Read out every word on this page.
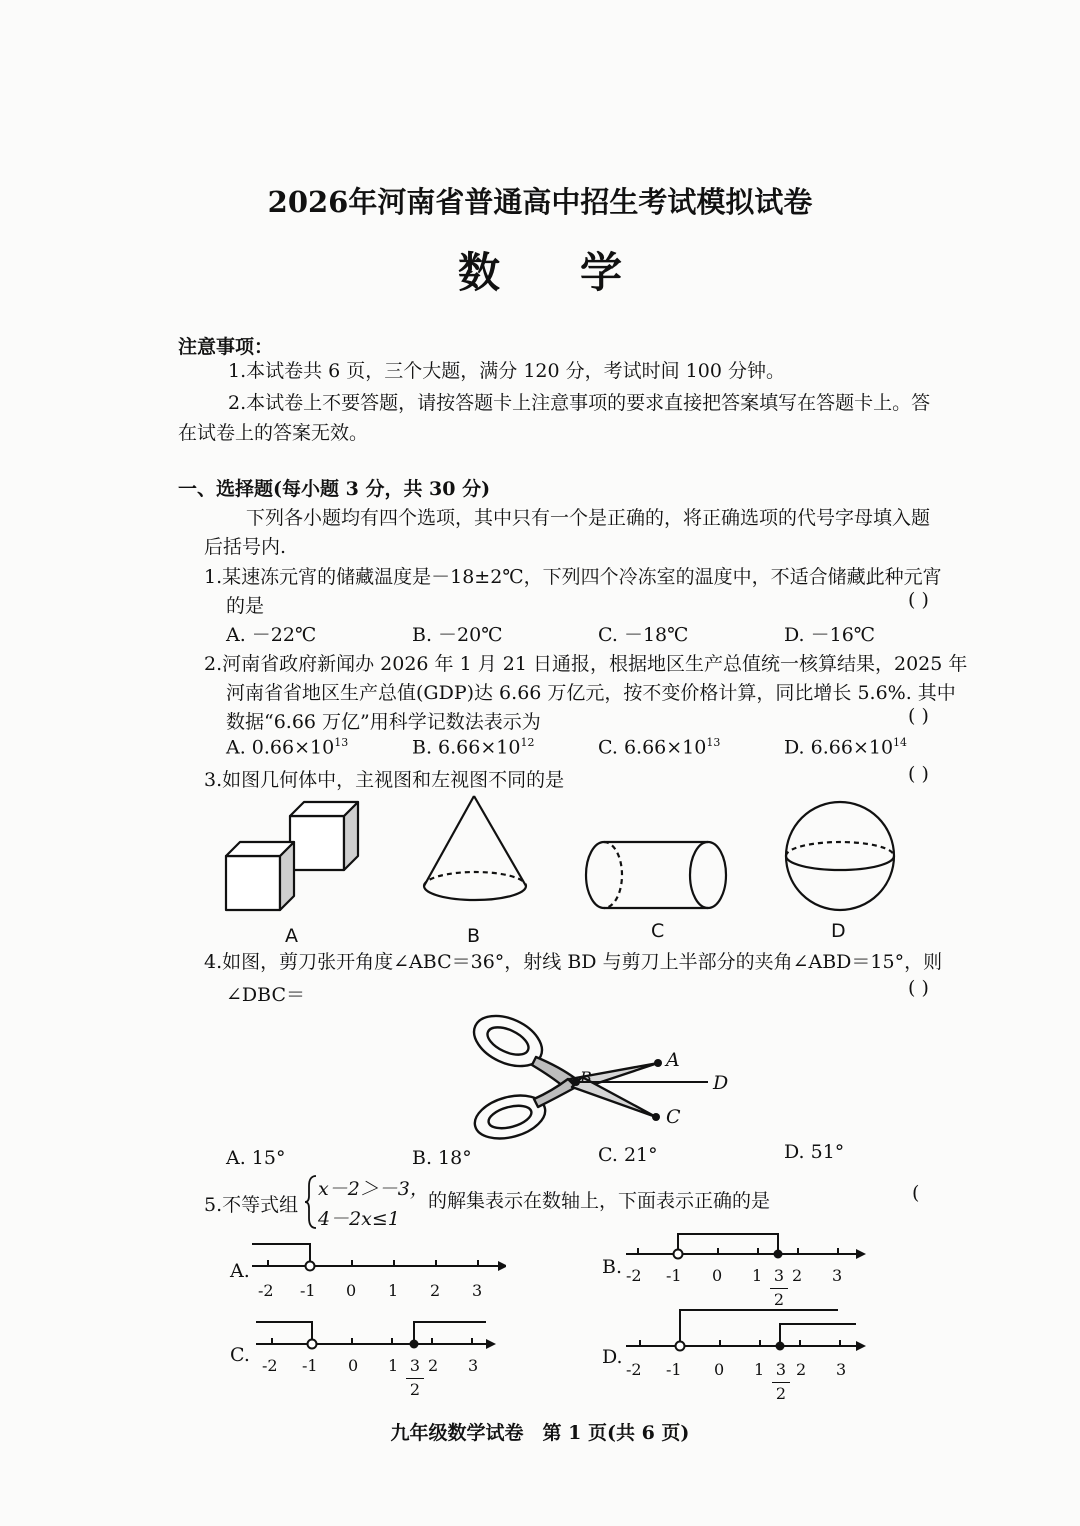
2026年河南省普通高中招生考试模拟试卷
数学
注意事项：
1.本试卷共 6 页，三个大题，满分 120 分，考试时间 100 分钟。
2.本试卷上不要答题，请按答题卡上注意事项的要求直接把答案填写在答题卡上。答
在试卷上的答案无效。
一、选择题(每小题 3 分，共 30 分)
下列各小题均有四个选项，其中只有一个是正确的，将正确选项的代号字母填入题
后括号内.
1.某速冻元宵的储藏温度是－18±2℃，下列四个冷冻室的温度中，不适合储藏此种元宵
的是	( )
A. －22℃	B. －20℃	C. －18℃	D. －16℃
2.河南省政府新闻办 2026 年 1 月 21 日通报，根据地区生产总值统一核算结果，2025 年
河南省省地区生产总值(GDP)达 6.66 万亿元，按不变价格计算，同比增长 5.6%. 其中
数据“6.66 万亿”用科学记数法表示为	( )
A. $0.66\times 10^{13}$	B. $6.66\times 10^{12}$	C. $6.66\times 10^{13}$	D. $6.66\times 10^{14}$
3.如图几何体中，主视图和左视图不同的是	( )
A	B	C	D
4.如图，剪刀张开角度∠ABC＝36°，射线 BD 与剪刀上半部分的夹角∠ABD＝15°，则
∠DBC＝	( )
A
B	D
C
A. 15°	B. 18°	C. 21°	D. 51°
5.不等式组
x－2＞－3，
4－2x≤1
的解集表示在数轴上，下面表示正确的是	(
A.
-2 -1 0 1 2 3
B. -2 -1 0 1 2 3
3
2
C. -2 -1 0 1 2 3
3
2
D.
-2 -1 0 1 2 3
3
2
九年级数学试卷　第 1 页(共 6 页)
